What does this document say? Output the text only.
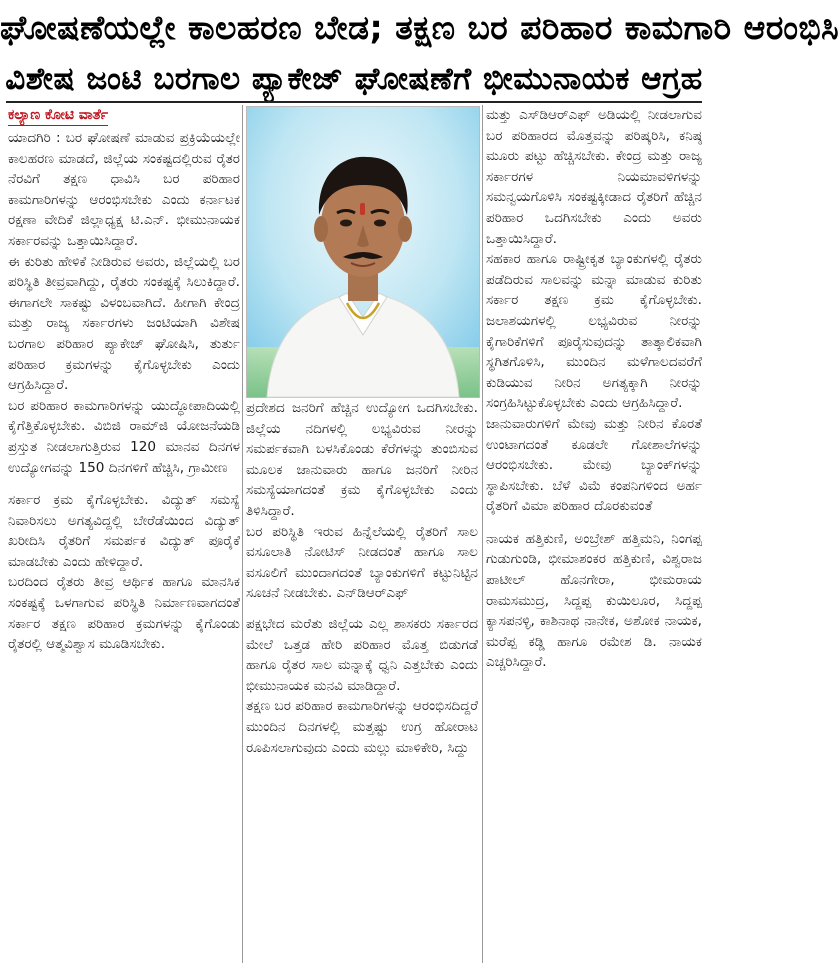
ಘೋಷಣೆಯಲ್ಲೇ ಕಾಲಹರಣ ಬೇಡ; ತಕ್ಷಣ ಬರ ಪರಿಹಾರ ಕಾಮಗಾರಿ ಆರಂಭಿಸಿ
ವಿಶೇಷ ಜಂಟಿ ಬರಗಾಲ ಪ್ಯಾಕೇಜ್ ಘೋಷಣೆಗೆ ಭೀಮುನಾಯಕ ಆಗ್ರಹ
ಕಲ್ಯಾಣ ಕೋಟಿ ವಾರ್ತೆ

ಯಾದಗಿರಿ : ಬರ ಘೋಷಣೆ ಮಾಡುವ ಪ್ರಕ್ರಿಯೆಯಲ್ಲೇ ಕಾಲಹರಣ ಮಾಡದೆ, ಜಿಲ್ಲೆಯ ಸಂಕಷ್ಟದಲ್ಲಿರುವ ರೈತರ ನೆರವಿಗೆ ತಕ್ಷಣ ಧಾವಿಸಿ ಬರ ಪರಿಹಾರ ಕಾಮಗಾರಿಗಳನ್ನು ಆರಂಭಿಸಬೇಕು ಎಂದು ಕರ್ನಾಟಕ ರಕ್ಷಣಾ ವೇದಿಕೆ ಜಿಲ್ಲಾಧ್ಯಕ್ಷ ಟಿ.ಎನ್. ಭೀಮುನಾಯಕ ಸರ್ಕಾರವನ್ನು ಒತ್ತಾಯಿಸಿದ್ದಾರೆ.

ಈ ಕುರಿತು ಹೇಳಿಕೆ ನೀಡಿರುವ ಅವರು, ಜಿಲ್ಲೆಯಲ್ಲಿ ಬರ ಪರಿಸ್ಥಿತಿ ತೀವ್ರವಾಗಿದ್ದು, ರೈತರು ಸಂಕಷ್ಟಕ್ಕೆ ಸಿಲುಕಿದ್ದಾರೆ. ಈಗಾಗಲೇ ಸಾಕಷ್ಟು ವಿಳಂಬವಾಗಿದೆ. ಹೀಗಾಗಿ ಕೇಂದ್ರ ಮತ್ತು ರಾಜ್ಯ ಸರ್ಕಾರಗಳು ಜಂಟಿಯಾಗಿ ವಿಶೇಷ ಬರಗಾಲ ಪರಿಹಾರ ಪ್ಯಾಕೇಜ್ ಘೋಷಿಸಿ, ತುರ್ತು ಪರಿಹಾರ ಕ್ರಮಗಳನ್ನು ಕೈಗೊಳ್ಳಬೇಕು ಎಂದು ಆಗ್ರಹಿಸಿದ್ದಾರೆ.

ಬರ ಪರಿಹಾರ ಕಾಮಗಾರಿಗಳನ್ನು ಯುದ್ಧೋಪಾದಿಯಲ್ಲಿ ಕೈಗೆತ್ತಿಕೊಳ್ಳಬೇಕು. ವಿಬಿಜಿ ರಾಮ್‌ಜಿ ಯೋಜನೆಯಡಿ ಪ್ರಸ್ತುತ ನೀಡಲಾಗುತ್ತಿರುವ 120 ಮಾನವ ದಿನಗಳ ಉದ್ಯೋಗವನ್ನು 150 ದಿನಗಳಿಗೆ ಹೆಚ್ಚಿಸಿ, ಗ್ರಾಮೀಣ

ಸರ್ಕಾರ ಕ್ರಮ ಕೈಗೊಳ್ಳಬೇಕು. ವಿದ್ಯುತ್ ಸಮಸ್ಯೆ ನಿವಾರಿಸಲು ಅಗತ್ಯವಿದ್ದಲ್ಲಿ ಬೇರೆಡೆಯಿಂದ ವಿದ್ಯುತ್ ಖರೀದಿಸಿ ರೈತರಿಗೆ ಸಮರ್ಪಕ ವಿದ್ಯುತ್ ಪೂರೈಕೆ ಮಾಡಬೇಕು ಎಂದು ಹೇಳಿದ್ದಾರೆ.

ಬರದಿಂದ ರೈತರು ತೀವ್ರ ಆರ್ಥಿಕ ಹಾಗೂ ಮಾನಸಿಕ ಸಂಕಷ್ಟಕ್ಕೆ ಒಳಗಾಗುವ ಪರಿಸ್ಥಿತಿ ನಿರ್ಮಾಣವಾಗದಂತೆ ಸರ್ಕಾರ ತಕ್ಷಣ ಪರಿಹಾರ ಕ್ರಮಗಳನ್ನು ಕೈಗೊಂಡು ರೈತರಲ್ಲಿ ಆತ್ಮವಿಶ್ವಾಸ ಮೂಡಿಸಬೇಕು.

ಪ್ರದೇಶದ ಜನರಿಗೆ ಹೆಚ್ಚಿನ ಉದ್ಯೋಗ ಒದಗಿಸಬೇಕು. ಜಿಲ್ಲೆಯ ನದಿಗಳಲ್ಲಿ ಲಭ್ಯವಿರುವ ನೀರನ್ನು ಸಮರ್ಪಕವಾಗಿ ಬಳಸಿಕೊಂಡು ಕೆರೆಗಳನ್ನು ತುಂಬಿಸುವ ಮೂಲಕ ಜಾನುವಾರು ಹಾಗೂ ಜನರಿಗೆ ನೀರಿನ ಸಮಸ್ಯೆಯಾಗದಂತೆ ಕ್ರಮ ಕೈಗೊಳ್ಳಬೇಕು ಎಂದು ತಿಳಿಸಿದ್ದಾರೆ.

ಬರ ಪರಿಸ್ಥಿತಿ ಇರುವ ಹಿನ್ನೆಲೆಯಲ್ಲಿ ರೈತರಿಗೆ ಸಾಲ ವಸೂಲಾತಿ ನೋಟಿಸ್ ನೀಡದಂತೆ ಹಾಗೂ ಸಾಲ ವಸೂಲಿಗೆ ಮುಂದಾಗದಂತೆ ಬ್ಯಾಂಕುಗಳಿಗೆ ಕಟ್ಟುನಿಟ್ಟಿನ ಸೂಚನೆ ನೀಡಬೇಕು. ಎನ್‌ಡಿಆರ್‌ಎಫ್

ಪಕ್ಷಭೇದ ಮರೆತು ಜಿಲ್ಲೆಯ ಎಲ್ಲ ಶಾಸಕರು ಸರ್ಕಾರದ ಮೇಲೆ ಒತ್ತಡ ಹೇರಿ ಪರಿಹಾರ ಮೊತ್ತ ಬಿಡುಗಡೆ ಹಾಗೂ ರೈತರ ಸಾಲ ಮನ್ನಾಕ್ಕೆ ಧ್ವನಿ ಎತ್ತಬೇಕು ಎಂದು ಭೀಮುನಾಯಕ ಮನವಿ ಮಾಡಿದ್ದಾರೆ.

ತಕ್ಷಣ ಬರ ಪರಿಹಾರ ಕಾಮಗಾರಿಗಳನ್ನು ಆರಂಭಿಸದಿದ್ದರೆ ಮುಂದಿನ ದಿನಗಳಲ್ಲಿ ಮತ್ತಷ್ಟು ಉಗ್ರ ಹೋರಾಟ ರೂಪಿಸಲಾಗುವುದು ಎಂದು ಮಲ್ಲು ಮಾಳಿಕೇರಿ, ಸಿದ್ದು

ಮತ್ತು ಎಸ್‌ಡಿಆರ್‌ಎಫ್ ಅಡಿಯಲ್ಲಿ ನೀಡಲಾಗುವ ಬರ ಪರಿಹಾರದ ಮೊತ್ತವನ್ನು ಪರಿಷ್ಕರಿಸಿ, ಕನಿಷ್ಠ ಮೂರು ಪಟ್ಟು ಹೆಚ್ಚಿಸಬೇಕು. ಕೇಂದ್ರ ಮತ್ತು ರಾಜ್ಯ ಸರ್ಕಾರಗಳ ನಿಯಮಾವಳಿಗಳನ್ನು ಸಮನ್ವಯಗೊಳಿಸಿ ಸಂಕಷ್ಟಕ್ಕೀಡಾದ ರೈತರಿಗೆ ಹೆಚ್ಚಿನ ಪರಿಹಾರ ಒದಗಿಸಬೇಕು ಎಂದು ಅವರು ಒತ್ತಾಯಿಸಿದ್ದಾರೆ.

ಸಹಕಾರ ಹಾಗೂ ರಾಷ್ಟ್ರೀಕೃತ ಬ್ಯಾಂಕುಗಳಲ್ಲಿ ರೈತರು ಪಡೆದಿರುವ ಸಾಲವನ್ನು ಮನ್ನಾ ಮಾಡುವ ಕುರಿತು ಸರ್ಕಾರ ತಕ್ಷಣ ಕ್ರಮ ಕೈಗೊಳ್ಳಬೇಕು. ಜಲಾಶಯಗಳಲ್ಲಿ ಲಭ್ಯವಿರುವ ನೀರನ್ನು ಕೈಗಾರಿಕೆಗಳಿಗೆ ಪೂರೈಸುವುದನ್ನು ತಾತ್ಕಾಲಿಕವಾಗಿ ಸ್ಥಗಿತಗೊಳಿಸಿ, ಮುಂದಿನ ಮಳೆಗಾಲದವರೆಗೆ ಕುಡಿಯುವ ನೀರಿನ ಅಗತ್ಯಕ್ಕಾಗಿ ನೀರನ್ನು ಸಂಗ್ರಹಿಸಿಟ್ಟುಕೊಳ್ಳಬೇಕು ಎಂದು ಆಗ್ರಹಿಸಿದ್ದಾರೆ.

ಜಾನುವಾರುಗಳಿಗೆ ಮೇವು ಮತ್ತು ನೀರಿನ ಕೊರತೆ ಉಂಟಾಗದಂತೆ ಕೂಡಲೇ ಗೋಶಾಲೆಗಳನ್ನು ಆರಂಭಿಸಬೇಕು. ಮೇವು ಬ್ಯಾಂಕ್‌ಗಳನ್ನು ಸ್ಥಾಪಿಸಬೇಕು. ಬೆಳೆ ವಿಮೆ ಕಂಪನಿಗಳಿಂದ ಅರ್ಹ ರೈತರಿಗೆ ವಿಮಾ ಪರಿಹಾರ ದೊರಕುವಂತೆ

ನಾಯಕ ಹತ್ತಿಕುಣಿ, ಅಂಬ್ರೇಶ್ ಹತ್ತಿಮನಿ, ನಿಂಗಪ್ಪ ಗುಡುಗುಂಡಿ, ಭೀಮಾಶಂಕರ ಹತ್ತಿಕುಣಿ, ವಿಶ್ವರಾಜ ಪಾಟೀಲ್ ಹೊನಗೇರಾ, ಭೀಮರಾಯ ರಾಮಸಮುದ್ರ, ಸಿದ್ದಪ್ಪ ಕುಯಿಲೂರ, ಸಿದ್ದಪ್ಪ ಕ್ಯಾಸಪನಳ್ಳಿ, ಕಾಶಿನಾಥ ನಾನೇಕ, ಅಶೋಕ ನಾಯಕ, ಮರೆಪ್ಪ ಕಡ್ಡಿ ಹಾಗೂ ರಮೇಶ ಡಿ. ನಾಯಕ ಎಚ್ಚರಿಸಿದ್ದಾರೆ.
